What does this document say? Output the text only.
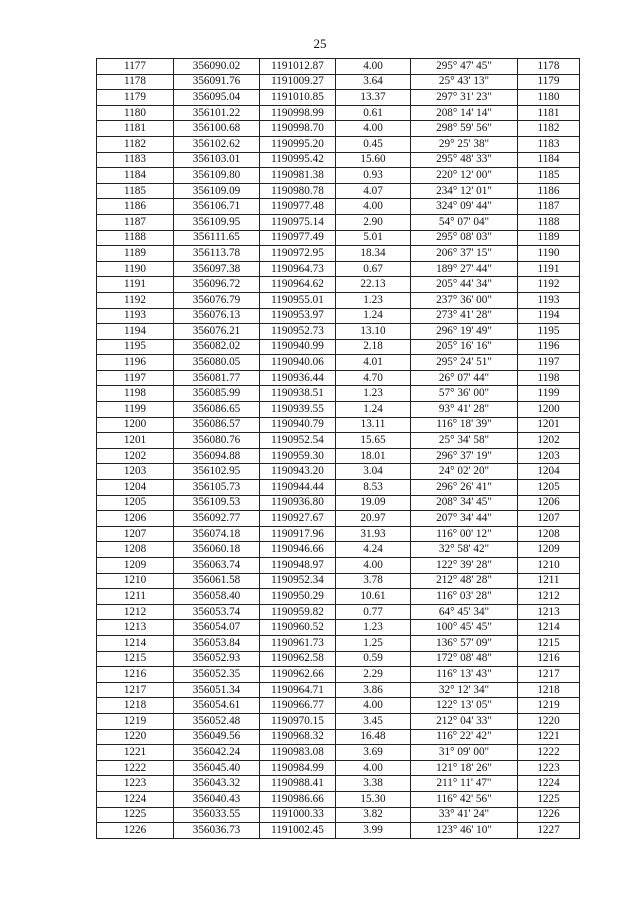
25
1177	356090.02	1191012.87	4.00	295° 47' 45"	1178
1178	356091.76	1191009.27	3.64	25° 43' 13"	1179
1179	356095.04	1191010.85	13.37	297° 31' 23"	1180
1180	356101.22	1190998.99	0.61	208° 14' 14"	1181
1181	356100.68	1190998.70	4.00	298° 59' 56"	1182
1182	356102.62	1190995.20	0.45	29° 25' 38"	1183
1183	356103.01	1190995.42	15.60	295° 48' 33"	1184
1184	356109.80	1190981.38	0.93	220° 12' 00"	1185
1185	356109.09	1190980.78	4.07	234° 12' 01"	1186
1186	356106.71	1190977.48	4.00	324° 09' 44"	1187
1187	356109.95	1190975.14	2.90	54° 07' 04"	1188
1188	356111.65	1190977.49	5.01	295° 08' 03"	1189
1189	356113.78	1190972.95	18.34	206° 37' 15"	1190
1190	356097.38	1190964.73	0.67	189° 27' 44"	1191
1191	356096.72	1190964.62	22.13	205° 44' 34"	1192
1192	356076.79	1190955.01	1.23	237° 36' 00"	1193
1193	356076.13	1190953.97	1.24	273° 41' 28"	1194
1194	356076.21	1190952.73	13.10	296° 19' 49"	1195
1195	356082.02	1190940.99	2.18	205° 16' 16"	1196
1196	356080.05	1190940.06	4.01	295° 24' 51"	1197
1197	356081.77	1190936.44	4.70	26° 07' 44"	1198
1198	356085.99	1190938.51	1.23	57° 36' 00"	1199
1199	356086.65	1190939.55	1.24	93° 41' 28"	1200
1200	356086.57	1190940.79	13.11	116° 18' 39"	1201
1201	356080.76	1190952.54	15.65	25° 34' 58"	1202
1202	356094.88	1190959.30	18.01	296° 37' 19"	1203
1203	356102.95	1190943.20	3.04	24° 02' 20"	1204
1204	356105.73	1190944.44	8.53	296° 26' 41"	1205
1205	356109.53	1190936.80	19.09	208° 34' 45"	1206
1206	356092.77	1190927.67	20.97	207° 34' 44"	1207
1207	356074.18	1190917.96	31.93	116° 00' 12"	1208
1208	356060.18	1190946.66	4.24	32° 58' 42"	1209
1209	356063.74	1190948.97	4.00	122° 39' 28"	1210
1210	356061.58	1190952.34	3.78	212° 48' 28"	1211
1211	356058.40	1190950.29	10.61	116° 03' 28"	1212
1212	356053.74	1190959.82	0.77	64° 45' 34"	1213
1213	356054.07	1190960.52	1.23	100° 45' 45"	1214
1214	356053.84	1190961.73	1.25	136° 57' 09"	1215
1215	356052.93	1190962.58	0.59	172° 08' 48"	1216
1216	356052.35	1190962.66	2.29	116° 13' 43"	1217
1217	356051.34	1190964.71	3.86	32° 12' 34"	1218
1218	356054.61	1190966.77	4.00	122° 13' 05"	1219
1219	356052.48	1190970.15	3.45	212° 04' 33"	1220
1220	356049.56	1190968.32	16.48	116° 22' 42"	1221
1221	356042.24	1190983.08	3.69	31° 09' 00"	1222
1222	356045.40	1190984.99	4.00	121° 18' 26"	1223
1223	356043.32	1190988.41	3.38	211° 11' 47"	1224
1224	356040.43	1190986.66	15.30	116° 42' 56"	1225
1225	356033.55	1191000.33	3.82	33° 41' 24"	1226
1226	356036.73	1191002.45	3.99	123° 46' 10"	1227
